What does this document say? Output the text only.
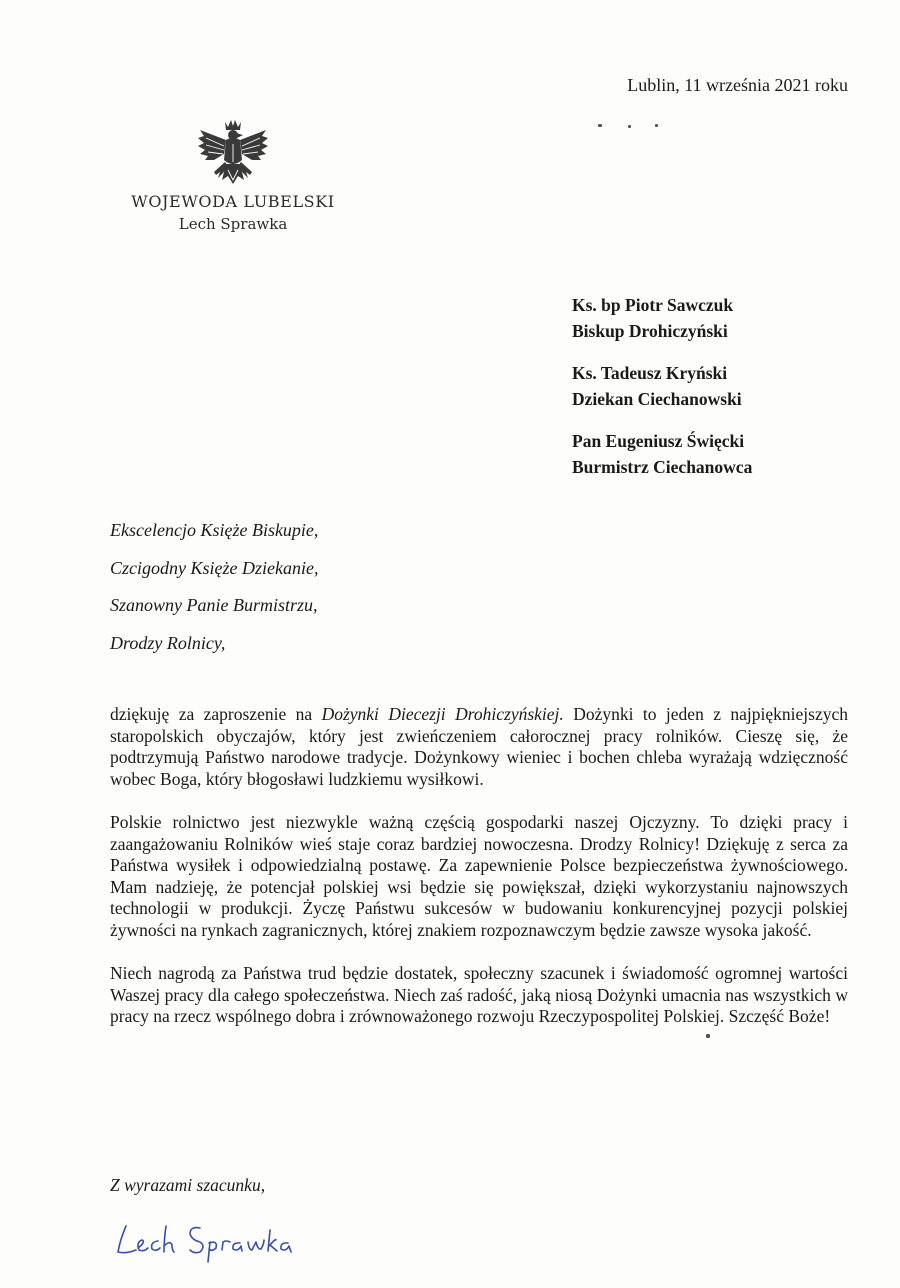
Lublin, 11 września 2021 roku
WOJEWODA LUBELSKI
Lech Sprawka
Ks. bp Piotr Sawczuk
Biskup Drohiczyński
Ks. Tadeusz Kryński
Dziekan Ciechanowski
Pan Eugeniusz Święcki
Burmistrz Ciechanowca
Ekscelencjo Księże Biskupie,
Czcigodny Księże Dziekanie,
Szanowny Panie Burmistrzu,
Drodzy Rolnicy,

dziękuję za zaproszenie na Dożynki Diecezji Drohiczyńskiej. Dożynki to jeden z najpiękniejszych staropolskich obyczajów, który jest zwieńczeniem całorocznej pracy rolników. Cieszę się, że podtrzymują Państwo narodowe tradycje. Dożynkowy wieniec i bochen chleba wyrażają wdzięczność wobec Boga, który błogosławi ludzkiemu wysiłkowi.

Polskie rolnictwo jest niezwykle ważną częścią gospodarki naszej Ojczyzny. To dzięki pracy i zaangażowaniu Rolników wieś staje coraz bardziej nowoczesna. Drodzy Rolnicy! Dziękuję z serca za Państwa wysiłek i odpowiedzialną postawę. Za zapewnienie Polsce bezpieczeństwa żywnościowego. Mam nadzieję, że potencjał polskiej wsi będzie się powiększał, dzięki wykorzystaniu najnowszych technologii w produkcji. Życzę Państwu sukcesów w budowaniu konkurencyjnej pozycji polskiej żywności na rynkach zagranicznych, której znakiem rozpoznawczym będzie zawsze wysoka jakość.

Niech nagrodą za Państwa trud będzie dostatek, społeczny szacunek i świadomość ogromnej wartości Waszej pracy dla całego społeczeństwa. Niech zaś radość, jaką niosą Dożynki umacnia nas wszystkich w pracy na rzecz wspólnego dobra i zrównoważonego rozwoju Rzeczypospolitej Polskiej. Szczęść Boże!

Z wyrazami szacunku,
